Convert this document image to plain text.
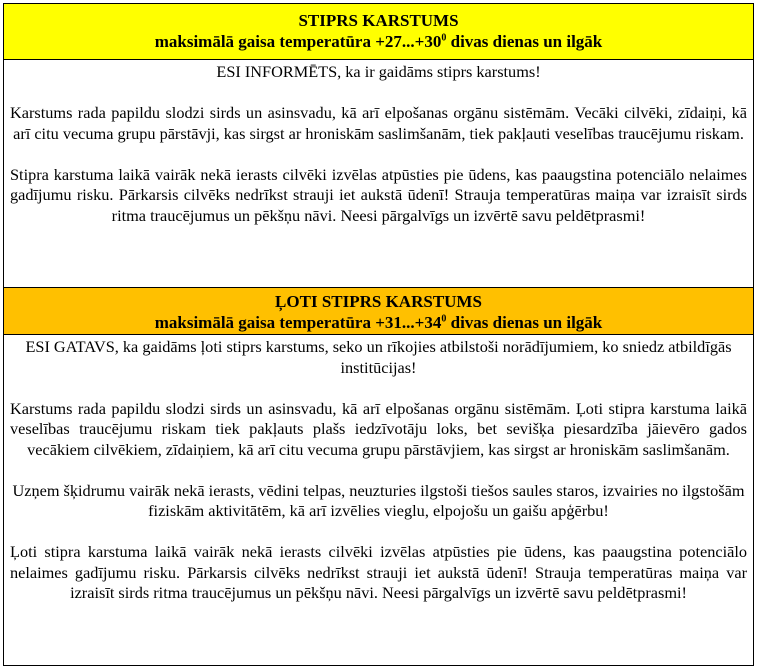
STIPRS KARSTUMS
maksimālā gaisa temperatūra $+27...+30^0$ divas dienas un ilgāk

ESI INFORMĒTS, ka ir gaidāms stiprs karstums!

Karstums rada papildu slodzi sirds un asinsvadu, kā arī elpošanas orgānu sistēmām. Vecāki cilvēki, zīdaiņi, kā arī citu vecuma grupu pārstāvji, kas sirgst ar hroniskām saslimšanām, tiek pakļauti veselības traucējumu riskam.

Stipra karstuma laikā vairāk nekā ierasts cilvēki izvēlas atpūsties pie ūdens, kas paaugstina potenciālo nelaimes gadījumu risku. Pārkarsis cilvēks nedrīkst strauji iet aukstā ūdenī! Strauja temperatūras maiņa var izraisīt sirds ritma traucējumus un pēkšņu nāvi. Neesi pārgalvīgs un izvērtē savu peldētprasmi!

ĻOTI STIPRS KARSTUMS
maksimālā gaisa temperatūra $+31...+34^0$ divas dienas un ilgāk

ESI GATAVS, ka gaidāms ļoti stiprs karstums, seko un rīkojies atbilstoši norādījumiem, ko sniedz atbildīgās institūcijas!

Karstums rada papildu slodzi sirds un asinsvadu, kā arī elpošanas orgānu sistēmām. Ļoti stipra karstuma laikā veselības traucējumu riskam tiek pakļauts plašs iedzīvotāju loks, bet sevišķa piesardzība jāievēro gados vecākiem cilvēkiem, zīdaiņiem, kā arī citu vecuma grupu pārstāvjiem, kas sirgst ar hroniskām saslimšanām.

Uzņem šķidrumu vairāk nekā ierasts, vēdini telpas, neuzturies ilgstoši tiešos saules staros, izvairies no ilgstošām fiziskām aktivitātēm, kā arī izvēlies vieglu, elpojošu un gaišu apģērbu!

Ļoti stipra karstuma laikā vairāk nekā ierasts cilvēki izvēlas atpūsties pie ūdens, kas paaugstina potenciālo nelaimes gadījumu risku. Pārkarsis cilvēks nedrīkst strauji iet aukstā ūdenī! Strauja temperatūras maiņa var izraisīt sirds ritma traucējumus un pēkšņu nāvi. Neesi pārgalvīgs un izvērtē savu peldētprasmi!
